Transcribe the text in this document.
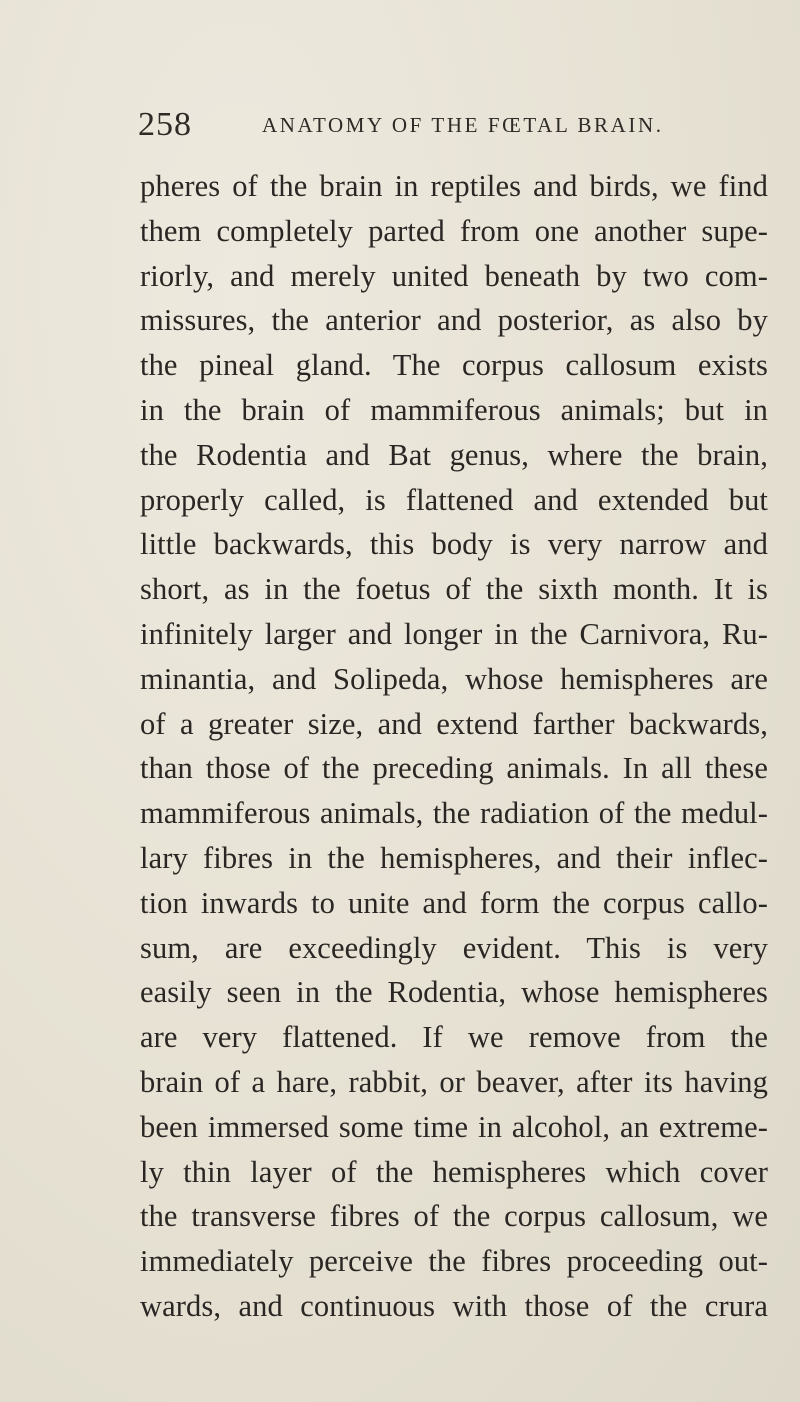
258	ANATOMY OF THE FŒTAL BRAIN.
pheres of the brain in reptiles and birds, we find
them completely parted from one another supe-
riorly, and merely united beneath by two com-
missures, the anterior and posterior, as also by
the pineal gland. The corpus callosum exists
in the brain of mammiferous animals; but in
the Rodentia and Bat genus, where the brain,
properly called, is flattened and extended but
little backwards, this body is very narrow and
short, as in the foetus of the sixth month. It is
infinitely larger and longer in the Carnivora, Ru-
minantia, and Solipeda, whose hemispheres are
of a greater size, and extend farther backwards,
than those of the preceding animals. In all these
mammiferous animals, the radiation of the medul-
lary fibres in the hemispheres, and their inflec-
tion inwards to unite and form the corpus callo-
sum, are exceedingly evident. This is very
easily seen in the Rodentia, whose hemispheres
are very flattened. If we remove from the
brain of a hare, rabbit, or beaver, after its having
been immersed some time in alcohol, an extreme-
ly thin layer of the hemispheres which cover
the transverse fibres of the corpus callosum, we
immediately perceive the fibres proceeding out-
wards, and continuous with those of the crura
